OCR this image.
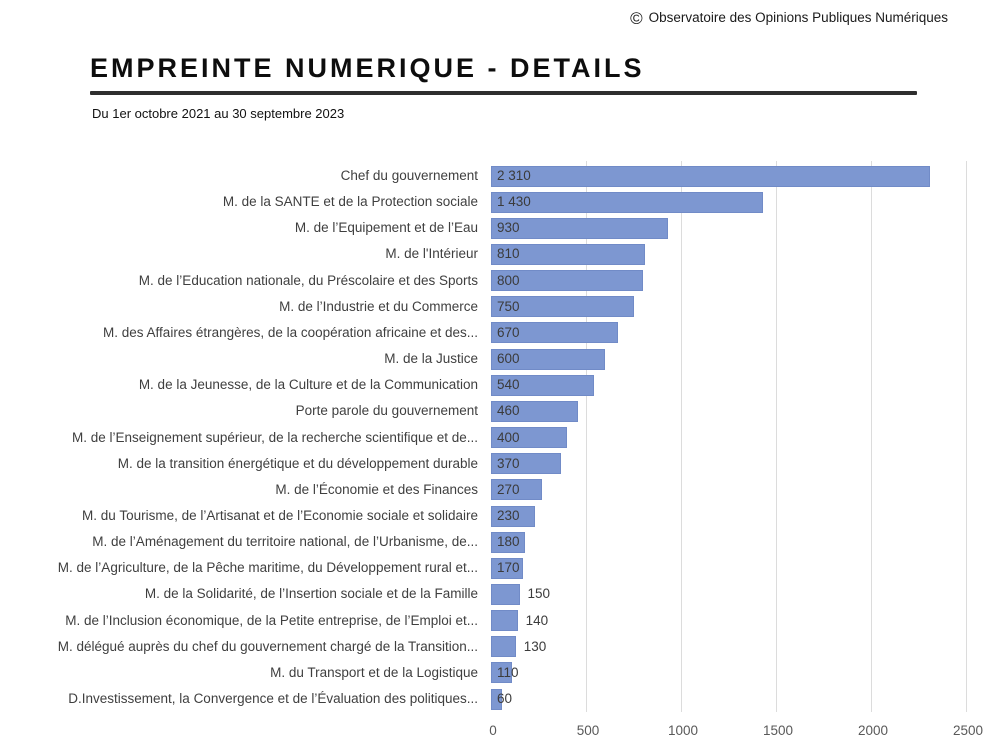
© Observatoire des Opinions Publiques Numériques
EMPREINTE NUMERIQUE - DETAILS
Du 1er octobre 2021 au 30 septembre 2023
0	500	1000	1500	2000	2500
Chef du gouvernement 2 310
M. de la SANTE et de la Protection sociale 1 430
M. de l’Equipement et de l’Eau 930
M. de l'Intérieur 810
M. de l’Education nationale, du Préscolaire et des Sports 800
M. de l’Industrie et du Commerce 750
M. des Affaires étrangères, de la coopération africaine et des... 670
M. de la Justice 600
M. de la Jeunesse, de la Culture et de la Communication 540
Porte parole du gouvernement 460
M. de l’Enseignement supérieur, de la recherche scientifique et de... 400
M. de la transition énergétique et du développement durable 370
M. de l’Économie et des Finances 270
M. du Tourisme, de l’Artisanat et de l’Economie sociale et solidaire 230
M. de l’Aménagement du territoire national, de l’Urbanisme, de... 180
M. de l’Agriculture, de la Pêche maritime, du Développement rural et... 170
M. de la Solidarité, de l’Insertion sociale et de la Famille	150
M. de l’Inclusion économique, de la Petite entreprise, de l’Emploi et...	140
M. délégué auprès du chef du gouvernement chargé de la Transition...	130
M. du Transport et de la Logistique 110
D.Investissement, la Convergence et de l’Évaluation des politiques... 60
